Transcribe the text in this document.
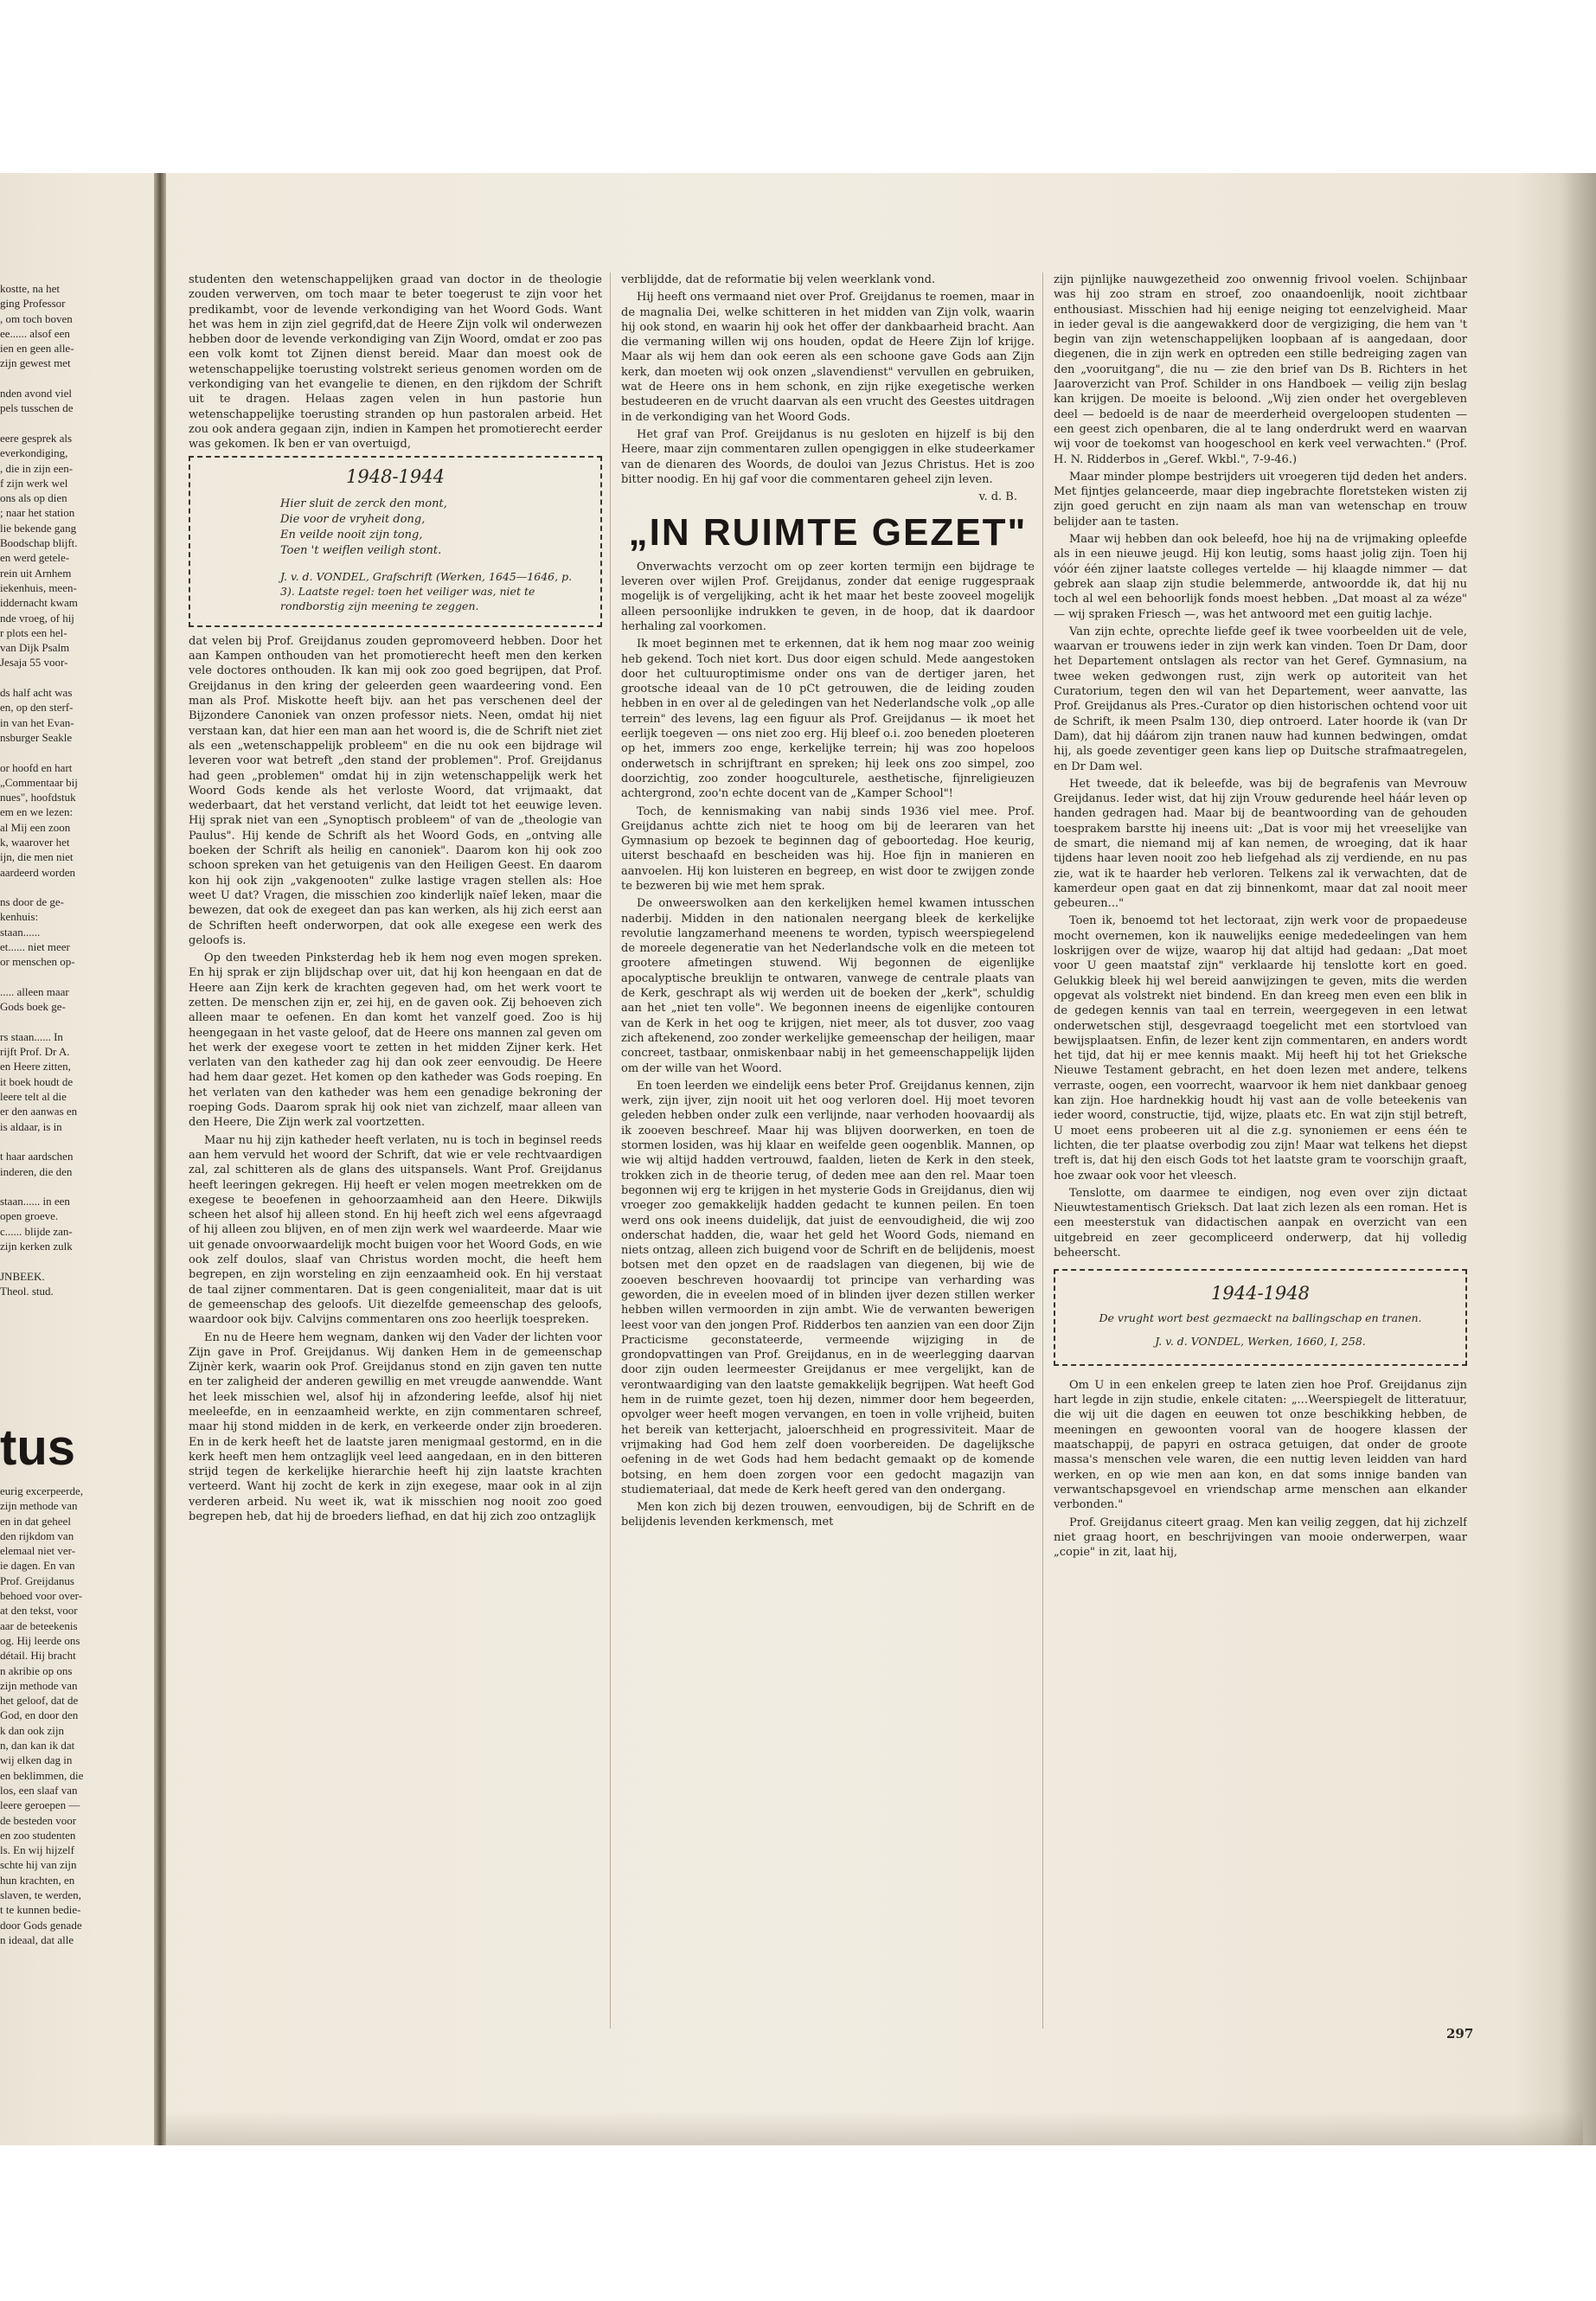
kostte, na het
ging Professor
, om toch boven
ee...... alsof een
ien en geen alle-
zijn gewest met

nden avond viel
pels tusschen de

eere gesprek als
everkondiging,
, die in zijn een-
f zijn werk wel
ons als op dien
; naar het station
lie bekende gang
Boodschap blijft.
en werd getele-
rein uit Arnhem
iekenhuis, meen-
iddernacht kwam
nde vroeg, of hij
r plots een hel-
van Dijk Psalm
Jesaja 55 voor-

ds half acht was
en, op den sterf-
in van het Evan-
nsburger Seakle

or hoofd en hart
„Commentaar bij
nues", hoofdstuk
em en we lezen:
al Mij een zoon
k, waarover het
ijn, die men niet
aardeerd worden

ns door de ge-
kenhuis:
staan......
et...... niet meer
or menschen op-

..... alleen maar
Gods boek ge-

rs staan...... In
rijft Prof. Dr A.
en Heere zitten,
it boek houdt de
leere telt al die
er den aanwas en
is aldaar, is in

t haar aardschen
inderen, die den

staan...... in een
open groeve.
c...... blijde zan-
zijn kerken zulk

JNBEEK.
Theol. stud.
tus
eurig excerpeerde,
zijn methode van
en in dat geheel
den rijkdom van
elemaal niet ver-
ie dagen. En van
Prof. Greijdanus
behoed voor over-
at den tekst, voor
aar de beteekenis
og. Hij leerde ons
détail. Hij bracht
n akribie op ons
zijn methode van
het geloof, dat de
God, en door den
k dan ook zijn
n, dan kan ik dat
wij elken dag in
en beklimmen, die
los, een slaaf van
leere geroepen —
de besteden voor
en zoo studenten
ls. En wij hijzelf
schte hij van zijn
hun krachten, en
slaven, te werden,
t te kunnen bedie-
door Gods genade
n ideaal, dat alle

studenten den wetenschappelijken graad van doctor in de theologie zouden verwerven, om toch maar te beter toegerust te zijn voor het predikambt, voor de levende verkondiging van het Woord Gods. Want het was hem in zijn ziel gegrifd,dat de Heere Zijn volk wil onderwezen hebben door de levende verkondiging van Zijn Woord, omdat er zoo pas een volk komt tot Zijnen dienst bereid. Maar dan moest ook de wetenschappelijke toerusting volstrekt serieus genomen worden om de verkondiging van het evangelie te dienen, en den rijkdom der Schrift uit te dragen. Helaas zagen velen in hun pastorie hun wetenschappelijke toerusting stranden op hun pastoralen arbeid. Het zou ook andera gegaan zijn, indien in Kampen het promotierecht eerder was gekomen. Ik ben er van overtuigd,

1948-1944
Hier sluit de zerck den mont,
Die voor de vryheit dong,
En veilde nooit zijn tong,
Toen 't weiflen veiligh stont.
J. v. d. VONDEL, Grafschrift (Werken, 1645—1646, p. 3). Laatste regel: toen het veiliger was, niet te rondborstig zijn meening te zeggen.

dat velen bij Prof. Greijdanus zouden gepromoveerd hebben. Door het aan Kampen onthouden van het promotierecht heeft men den kerken vele doctores onthouden. Ik kan mij ook zoo goed begrijpen, dat Prof. Greijdanus in den kring der geleerden geen waardeering vond. Een man als Prof. Miskotte heeft bijv. aan het pas verschenen deel der Bijzondere Canoniek van onzen professor niets. Neen, omdat hij niet verstaan kan, dat hier een man aan het woord is, die de Schrift niet ziet als een „wetenschappelijk probleem" en die nu ook een bijdrage wil leveren voor wat betreft „den stand der problemen". Prof. Greijdanus had geen „problemen" omdat hij in zijn wetenschappelijk werk het Woord Gods kende als het verloste Woord, dat vrijmaakt, dat wederbaart, dat het verstand verlicht, dat leidt tot het eeuwige leven. Hij sprak niet van een „Synoptisch probleem" of van de „theologie van Paulus". Hij kende de Schrift als het Woord Gods, en „ontving alle boeken der Schrift als heilig en canoniek". Daarom kon hij ook zoo schoon spreken van het getuigenis van den Heiligen Geest. En daarom kon hij ook zijn „vakgenooten" zulke lastige vragen stellen als: Hoe weet U dat? Vragen, die misschien zoo kinderlijk naïef leken, maar die bewezen, dat ook de exegeet dan pas kan werken, als hij zich eerst aan de Schriften heeft onderworpen, dat ook alle exegese een werk des geloofs is.

Op den tweeden Pinksterdag heb ik hem nog even mogen spreken. En hij sprak er zijn blijdschap over uit, dat hij kon heengaan en dat de Heere aan Zijn kerk de krachten gegeven had, om het werk voort te zetten. De menschen zijn er, zei hij, en de gaven ook. Zij behoeven zich alleen maar te oefenen. En dan komt het vanzelf goed. Zoo is hij heengegaan in het vaste geloof, dat de Heere ons mannen zal geven om het werk der exegese voort te zetten in het midden Zijner kerk. Het verlaten van den katheder zag hij dan ook zeer eenvoudig. De Heere had hem daar gezet. Het komen op den katheder was Gods roeping. En het verlaten van den katheder was hem een genadige bekroning der roeping Gods. Daarom sprak hij ook niet van zichzelf, maar alleen van den Heere, Die Zijn werk zal voortzetten.

Maar nu hij zijn katheder heeft verlaten, nu is toch in beginsel reeds aan hem vervuld het woord der Schrift, dat wie er vele rechtvaardigen zal, zal schitteren als de glans des uitspansels. Want Prof. Greijdanus heeft leeringen gekregen. Hij heeft er velen mogen meetrekken om de exegese te beoefenen in gehoorzaamheid aan den Heere. Dikwijls scheen het alsof hij alleen stond. En hij heeft zich wel eens afgevraagd of hij alleen zou blijven, en of men zijn werk wel waardeerde. Maar wie uit genade onvoorwaardelijk mocht buigen voor het Woord Gods, en wie ook zelf doulos, slaaf van Christus worden mocht, die heeft hem begrepen, en zijn worsteling en zijn eenzaamheid ook. En hij verstaat de taal zijner commentaren. Dat is geen congenialiteit, maar dat is uit de gemeenschap des geloofs. Uit diezelfde gemeenschap des geloofs, waardoor ook bijv. Calvijns commentaren ons zoo heerlijk toespreken.

En nu de Heere hem wegnam, danken wij den Vader der lichten voor Zijn gave in Prof. Greijdanus. Wij danken Hem in de gemeenschap Zijnèr kerk, waarin ook Prof. Greijdanus stond en zijn gaven ten nutte en ter zaligheid der anderen gewillig en met vreugde aanwendde. Want het leek misschien wel, alsof hij in afzondering leefde, alsof hij niet meeleefde, en in eenzaamheid werkte, en zijn commentaren schreef, maar hij stond midden in de kerk, en verkeerde onder zijn broederen. En in de kerk heeft het de laatste jaren menigmaal gestormd, en in die kerk heeft men hem ontzaglijk veel leed aangedaan, en in den bitteren strijd tegen de kerkelijke hierarchie heeft hij zijn laatste krachten verteerd. Want hij zocht de kerk in zijn exegese, maar ook in al zijn verderen arbeid. Nu weet ik, wat ik misschien nog nooit zoo goed begrepen heb, dat hij de broeders liefhad, en dat hij zich zoo ontzaglijk

verblijdde, dat de reformatie bij velen weerklank vond.

Hij heeft ons vermaand niet over Prof. Greijdanus te roemen, maar in de magnalia Dei, welke schitteren in het midden van Zijn volk, waarin hij ook stond, en waarin hij ook het offer der dankbaarheid bracht. Aan die vermaning willen wij ons houden, opdat de Heere Zijn lof krijge. Maar als wij hem dan ook eeren als een schoone gave Gods aan Zijn kerk, dan moeten wij ook onzen „slavendienst" vervullen en gebruiken, wat de Heere ons in hem schonk, en zijn rijke exegetische werken bestudeeren en de vrucht daarvan als een vrucht des Geestes uitdragen in de verkondiging van het Woord Gods.

Het graf van Prof. Greijdanus is nu gesloten en hijzelf is bij den Heere, maar zijn commentaren zullen opengiggen in elke studeerkamer van de dienaren des Woords, de douloi van Jezus Christus. Het is zoo bitter noodig. En hij gaf voor die commentaren geheel zijn leven.

v. d. B.
„IN RUIMTE GEZET"

Onverwachts verzocht om op zeer korten termijn een bijdrage te leveren over wijlen Prof. Greijdanus, zonder dat eenige ruggespraak mogelijk is of vergelijking, acht ik het maar het beste zooveel mogelijk alleen persoonlijke indrukken te geven, in de hoop, dat ik daardoor herhaling zal voorkomen.

Ik moet beginnen met te erkennen, dat ik hem nog maar zoo weinig heb gekend. Toch niet kort. Dus door eigen schuld. Mede aangestoken door het cultuuroptimisme onder ons van de dertiger jaren, het grootsche ideaal van de 10 pCt getrouwen, die de leiding zouden hebben in en over al de geledingen van het Nederlandsche volk „op alle terrein" des levens, lag een figuur als Prof. Greijdanus — ik moet het eerlijk toegeven — ons niet zoo erg. Hij bleef o.i. zoo beneden ploeteren op het, immers zoo enge, kerkelijke terrein; hij was zoo hopeloos onderwetsch in schrijftrant en spreken; hij leek ons zoo simpel, zoo doorzichtig, zoo zonder hoogculturele, aesthetische, fijnreligieuzen achtergrond, zoo'n echte docent van de „Kamper School"!

Toch, de kennismaking van nabij sinds 1936 viel mee. Prof. Greijdanus achtte zich niet te hoog om bij de leeraren van het Gymnasium op bezoek te beginnen dag of geboortedag. Hoe keurig, uiterst beschaafd en bescheiden was hij. Hoe fijn in manieren en aanvoelen. Hij kon luisteren en begreep, en wist door te zwijgen zonde te bezweren bij wie met hem sprak.

De onweerswolken aan den kerkelijken hemel kwamen intusschen naderbij. Midden in den nationalen neergang bleek de kerkelijke revolutie langzamerhand meenens te worden, typisch weerspiegelend de moreele degeneratie van het Nederlandsche volk en die meteen tot grootere afmetingen stuwend. Wij begonnen de eigenlijke apocalyptische breuklijn te ontwaren, vanwege de centrale plaats van de Kerk, geschrapt als wij werden uit de boeken der „kerk", schuldig aan het „niet ten volle". We begonnen ineens de eigenlijke contouren van de Kerk in het oog te krijgen, niet meer, als tot dusver, zoo vaag zich aftekenend, zoo zonder werkelijke gemeenschap der heiligen, maar concreet, tastbaar, onmiskenbaar nabij in het gemeenschappelijk lijden om der wille van het Woord.

En toen leerden we eindelijk eens beter Prof. Greijdanus kennen, zijn werk, zijn ijver, zijn nooit uit het oog verloren doel. Hij moet tevoren geleden hebben onder zulk een verlijnde, naar verhoden hoovaardij als ik zooeven beschreef. Maar hij was blijven doorwerken, en toen de stormen losiden, was hij klaar en weifelde geen oogenblik. Mannen, op wie wij altijd hadden vertrouwd, faalden, lieten de Kerk in den steek, trokken zich in de theorie terug, of deden mee aan den rel. Maar toen begonnen wij erg te krijgen in het mysterie Gods in Greijdanus, dien wij vroeger zoo gemakkelijk hadden gedacht te kunnen peilen. En toen werd ons ook ineens duidelijk, dat juist de eenvoudigheid, die wij zoo onderschat hadden, die, waar het geld het Woord Gods, niemand en niets ontzag, alleen zich buigend voor de Schrift en de belijdenis, moest botsen met den opzet en de raadslagen van diegenen, bij wie de zooeven beschreven hoovaardij tot principe van verharding was geworden, die in eveelen moed of in blinden ijver dezen stillen werker hebben willen vermoorden in zijn ambt. Wie de verwanten bewerigen leest voor van den jongen Prof. Ridderbos ten aanzien van een door Zijn Practicisme geconstateerde, vermeende wijziging in de grondopvattingen van Prof. Greijdanus, en in de weerlegging daarvan door zijn ouden leermeester Greijdanus er mee vergelijkt, kan de verontwaardiging van den laatste gemakkelijk begrijpen. Wat heeft God hem in de ruimte gezet, toen hij dezen, nimmer door hem begeerden, opvolger weer heeft mogen vervangen, en toen in volle vrijheid, buiten het bereik van ketterjacht, jaloerschheid en progressiviteit. Maar de vrijmaking had God hem zelf doen voorbereiden. De dagelijksche oefening in de wet Gods had hem bedacht gemaakt op de komende botsing, en hem doen zorgen voor een gedocht magazijn van studiemateriaal, dat mede de Kerk heeft gered van den ondergang.

Men kon zich bij dezen trouwen, eenvoudigen, bij de Schrift en de belijdenis levenden kerkmensch, met

zijn pijnlijke nauwgezetheid zoo onwennig frivool voelen. Schijnbaar was hij zoo stram en stroef, zoo onaandoenlijk, nooit zichtbaar enthousiast. Misschien had hij eenige neiging tot eenzelvigheid. Maar in ieder geval is die aangewakkerd door de vergiziging, die hem van 't begin van zijn wetenschappelijken loopbaan af is aangedaan, door diegenen, die in zijn werk en optreden een stille bedreiging zagen van den „vooruitgang", die nu — zie den brief van Ds B. Richters in het Jaaroverzicht van Prof. Schilder in ons Handboek — veilig zijn beslag kan krijgen. De moeite is beloond. „Wij zien onder het overgebleven deel — bedoeld is de naar de meerderheid overgeloopen studenten — een geest zich openbaren, die al te lang onderdrukt werd en waarvan wij voor de toekomst van hoogeschool en kerk veel verwachten." (Prof. H. N. Ridderbos in „Geref. Wkbl.", 7-9-46.)

Maar minder plompe bestrijders uit vroegeren tijd deden het anders. Met fijntjes gelanceerde, maar diep ingebrachte floretsteken wisten zij zijn goed gerucht en zijn naam als man van wetenschap en trouw belijder aan te tasten.

Maar wij hebben dan ook beleefd, hoe hij na de vrijmaking opleefde als in een nieuwe jeugd. Hij kon leutig, soms haast jolig zijn. Toen hij vóór één zijner laatste colleges vertelde — hij klaagde nimmer — dat gebrek aan slaap zijn studie belemmerde, antwoordde ik, dat hij nu toch al wel een behoorlijk fonds moest hebben. „Dat moast al za wéze" — wij spraken Friesch —, was het antwoord met een guitig lachje.

Van zijn echte, oprechte liefde geef ik twee voorbeelden uit de vele, waarvan er trouwens ieder in zijn werk kan vinden. Toen Dr Dam, door het Departement ontslagen als rector van het Geref. Gymnasium, na twee weken gedwongen rust, zijn werk op autoriteit van het Curatorium, tegen den wil van het Departement, weer aanvatte, las Prof. Greijdanus als Pres.-Curator op dien historischen ochtend voor uit de Schrift, ik meen Psalm 130, diep ontroerd. Later hoorde ik (van Dr Dam), dat hij dáárom zijn tranen nauw had kunnen bedwingen, omdat hij, als goede zeventiger geen kans liep op Duitsche strafmaatregelen, en Dr Dam wel.

Het tweede, dat ik beleefde, was bij de begrafenis van Mevrouw Greijdanus. Ieder wist, dat hij zijn Vrouw gedurende heel háár leven op handen gedragen had. Maar bij de beantwoording van de gehouden toesprakem barstte hij ineens uit: „Dat is voor mij het vreeselijke van de smart, die niemand mij af kan nemen, de wroeging, dat ik haar tijdens haar leven nooit zoo heb liefgehad als zij verdiende, en nu pas zie, wat ik te haarder heb verloren. Telkens zal ik verwachten, dat de kamerdeur open gaat en dat zij binnenkomt, maar dat zal nooit meer gebeuren..."

Toen ik, benoemd tot het lectoraat, zijn werk voor de propaedeuse mocht overnemen, kon ik nauwelijks eenige mededeelingen van hem loskrijgen over de wijze, waarop hij dat altijd had gedaan: „Dat moet voor U geen maatstaf zijn" verklaarde hij tenslotte kort en goed. Gelukkig bleek hij wel bereid aanwijzingen te geven, mits die werden opgevat als volstrekt niet bindend. En dan kreeg men even een blik in de gedegen kennis van taal en terrein, weergegeven in een letwat onderwetschen stijl, desgevraagd toegelicht met een stortvloed van bewijsplaatsen. Enfin, de lezer kent zijn commentaren, en anders wordt het tijd, dat hij er mee kennis maakt. Mij heeft hij tot het Grieksche Nieuwe Testament gebracht, en het doen lezen met andere, telkens verraste, oogen, een voorrecht, waarvoor ik hem niet dankbaar genoeg kan zijn. Hoe hardnekkig houdt hij vast aan de volle beteekenis van ieder woord, constructie, tijd, wijze, plaats etc. En wat zijn stijl betreft, U moet eens probeeren uit al die z.g. synoniemen er eens één te lichten, die ter plaatse overbodig zou zijn! Maar wat telkens het diepst treft is, dat hij den eisch Gods tot het laatste gram te voorschijn graaft, hoe zwaar ook voor het vleesch.

Tenslotte, om daarmee te eindigen, nog even over zijn dictaat Nieuwtestamentisch Grieksch. Dat laat zich lezen als een roman. Het is een meesterstuk van didactischen aanpak en overzicht van een uitgebreid en zeer gecompliceerd onderwerp, dat hij volledig beheerscht.

1944-1948
De vrught wort best gezmaeckt na ballingschap en tranen.
J. v. d. VONDEL, Werken, 1660, I, 258.

Om U in een enkelen greep te laten zien hoe Prof. Greijdanus zijn hart legde in zijn studie, enkele citaten: „...Weerspiegelt de litteratuur, die wij uit die dagen en eeuwen tot onze beschikking hebben, de meeningen en gewoonten vooral van de hoogere klassen der maatschappij, de papyri en ostraca getuigen, dat onder de groote massa's menschen vele waren, die een nuttig leven leidden van hard werken, en op wie men aan kon, en dat soms innige banden van verwantschapsgevoel en vriendschap arme menschen aan elkander verbonden."

Prof. Greijdanus citeert graag. Men kan veilig zeggen, dat hij zichzelf niet graag hoort, en beschrijvingen van mooie onderwerpen, waar „copie" in zit, laat hij,

297
